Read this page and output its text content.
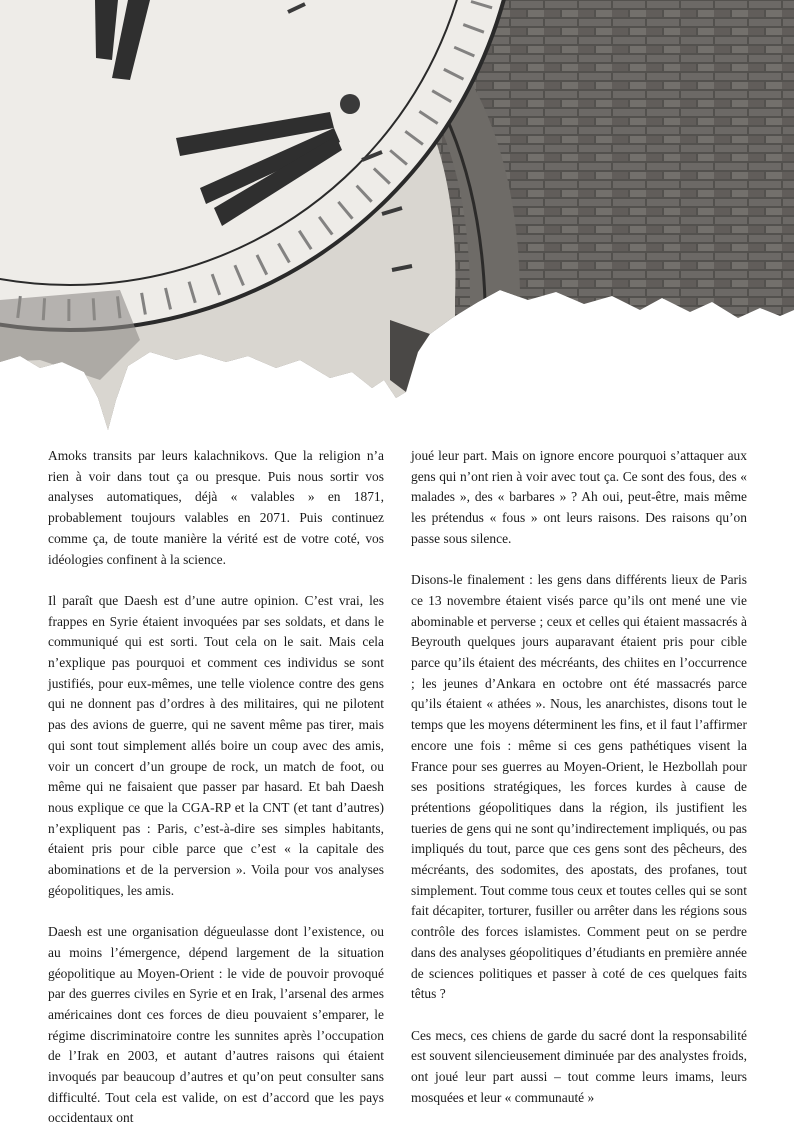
Amoks transits par leurs kalachnikovs. Que la religion n’a rien à voir dans tout ça ou presque. Puis nous sortir vos analyses automatiques, déjà « valables » en 1871, probablement toujours valables en 2071. Puis continuez comme ça, de toute manière la vérité est de votre coté, vos idéologies confinent à la science.

Il paraît que Daesh est d’une autre opinion. C’est vrai, les frappes en Syrie étaient invoquées par ses soldats, et dans le communiqué qui est sorti. Tout cela on le sait. Mais cela n’explique pas pourquoi et comment ces individus se sont justifiés, pour eux-mêmes, une telle violence contre des gens qui ne donnent pas d’ordres à des militaires, qui ne pilotent pas des avions de guerre, qui ne savent même pas tirer, mais qui sont tout simplement allés boire un coup avec des amis, voir un concert d’un groupe de rock, un match de foot, ou même qui ne faisaient que passer par hasard. Et bah Daesh nous explique ce que la CGA-RP et la CNT (et tant d’autres) n’expliquent pas : Paris, c’est-à-dire ses simples habitants, étaient pris pour cible parce que c’est « la capitale des abominations et de la perversion ». Voila pour vos analyses géopolitiques, les amis.

Daesh est une organisation dégueulasse dont l’existence, ou au moins l’émergence, dépend largement de la situation géopolitique au Moyen-Orient : le vide de pouvoir provoqué par des guerres civiles en Syrie et en Irak, l’arsenal des armes américaines dont ces forces de dieu pouvaient s’emparer, le régime discriminatoire contre les sunnites après l’occupation de l’Irak en 2003, et autant d’autres raisons qui étaient invoqués par beaucoup d’autres et qu’on peut consulter sans difficulté. Tout cela est valide, on est d’accord que les pays occidentaux ont

joué leur part. Mais on ignore encore pourquoi s’attaquer aux gens qui n’ont rien à voir avec tout ça. Ce sont des fous, des « malades », des « barbares » ? Ah oui, peut-être, mais même les prétendus « fous » ont leurs raisons. Des raisons qu’on passe sous silence.

Disons-le finalement : les gens dans différents lieux de Paris ce 13 novembre étaient visés parce qu’ils ont mené une vie abominable et perverse ; ceux et celles qui étaient massacrés à Beyrouth quelques jours auparavant étaient pris pour cible parce qu’ils étaient des mécréants, des chiites en l’occurrence ; les jeunes d’Ankara en octobre ont été massacrés parce qu’ils étaient « athées ». Nous, les anarchistes, disons tout le temps que les moyens déterminent les fins, et il faut l’affirmer encore une fois : même si ces gens pathétiques visent la France pour ses guerres au Moyen-Orient, le Hezbollah pour ses positions stratégiques, les forces kurdes à cause de prétentions géopolitiques dans la région, ils justifient les tueries de gens qui ne sont qu’indirectement impliqués, ou pas impliqués du tout, parce que ces gens sont des pêcheurs, des mécréants, des sodomites, des apostats, des profanes, tout simplement. Tout comme tous ceux et toutes celles qui se sont fait décapiter, torturer, fusiller ou arrêter dans les régions sous contrôle des forces islamistes. Comment peut on se perdre dans des analyses géopolitiques d’étudiants en première année de sciences politiques et passer à coté de ces quelques faits têtus ?

Ces mecs, ces chiens de garde du sacré dont la responsabilité est souvent silencieusement diminuée par des analystes froids, ont joué leur part aussi – tout comme leurs imams, leurs mosquées et leur « communauté »
